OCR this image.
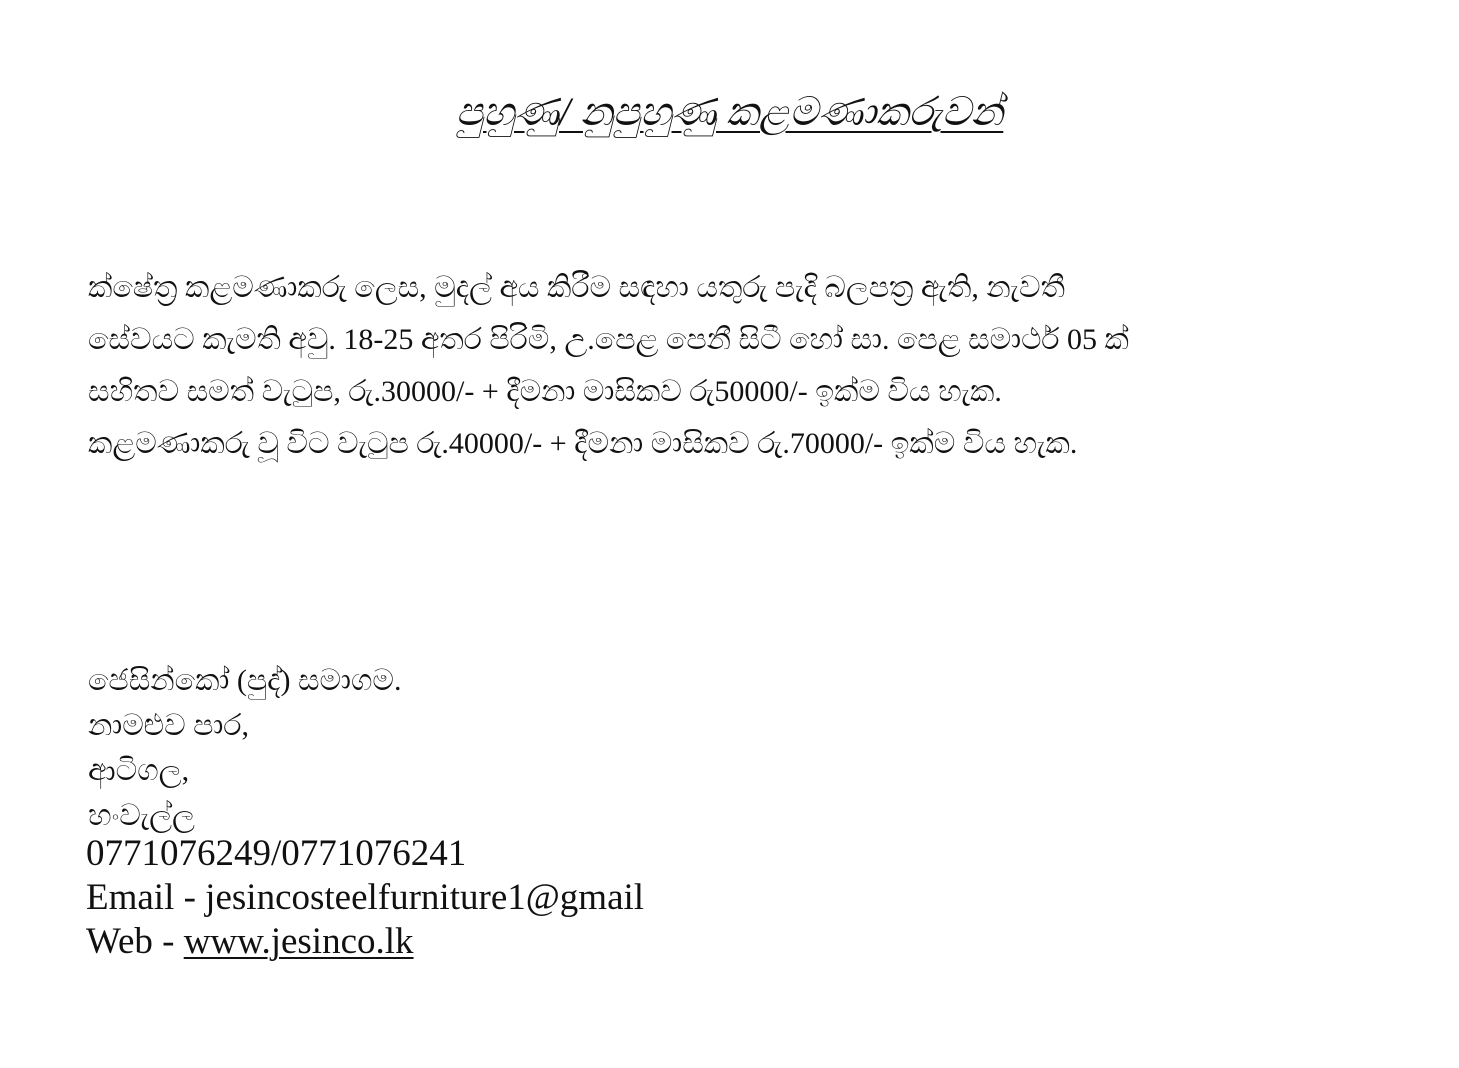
පුහුණු/ නුපුහුණු කළමණාකරුවන්
ක්ෂේත්‍ර කළමණාකරු ලෙස, මුදල් අය කිරීම සඳහා යතුරු පැදි බලපත්‍ර ඇති, නැවතී
සේවයට කැමති අවු. 18-25 අතර පිරිමි, උ.පෙළ පෙනී සිටී හෝ සා. පෙළ සමාර්ථ 05 ක්
සහිතව සමත් වැටුප, රු.30000/- + දීමනා මාසිකව රු50000/- ඉක්ම විය හැක.
කළමණාකරු වූ විට වැටුප රු.40000/- + දීමනා මාසිකව රු.70000/- ඉක්ම විය හැක.
ජෙසින්කෝ (පුද්) සමාගම.
නාමළුව පාර,
ආටිගල,
හංවැල්ල
0771076249/0771076241
Email - jesincosteelfurniture1@gmail
Web - www.jesinco.lk
